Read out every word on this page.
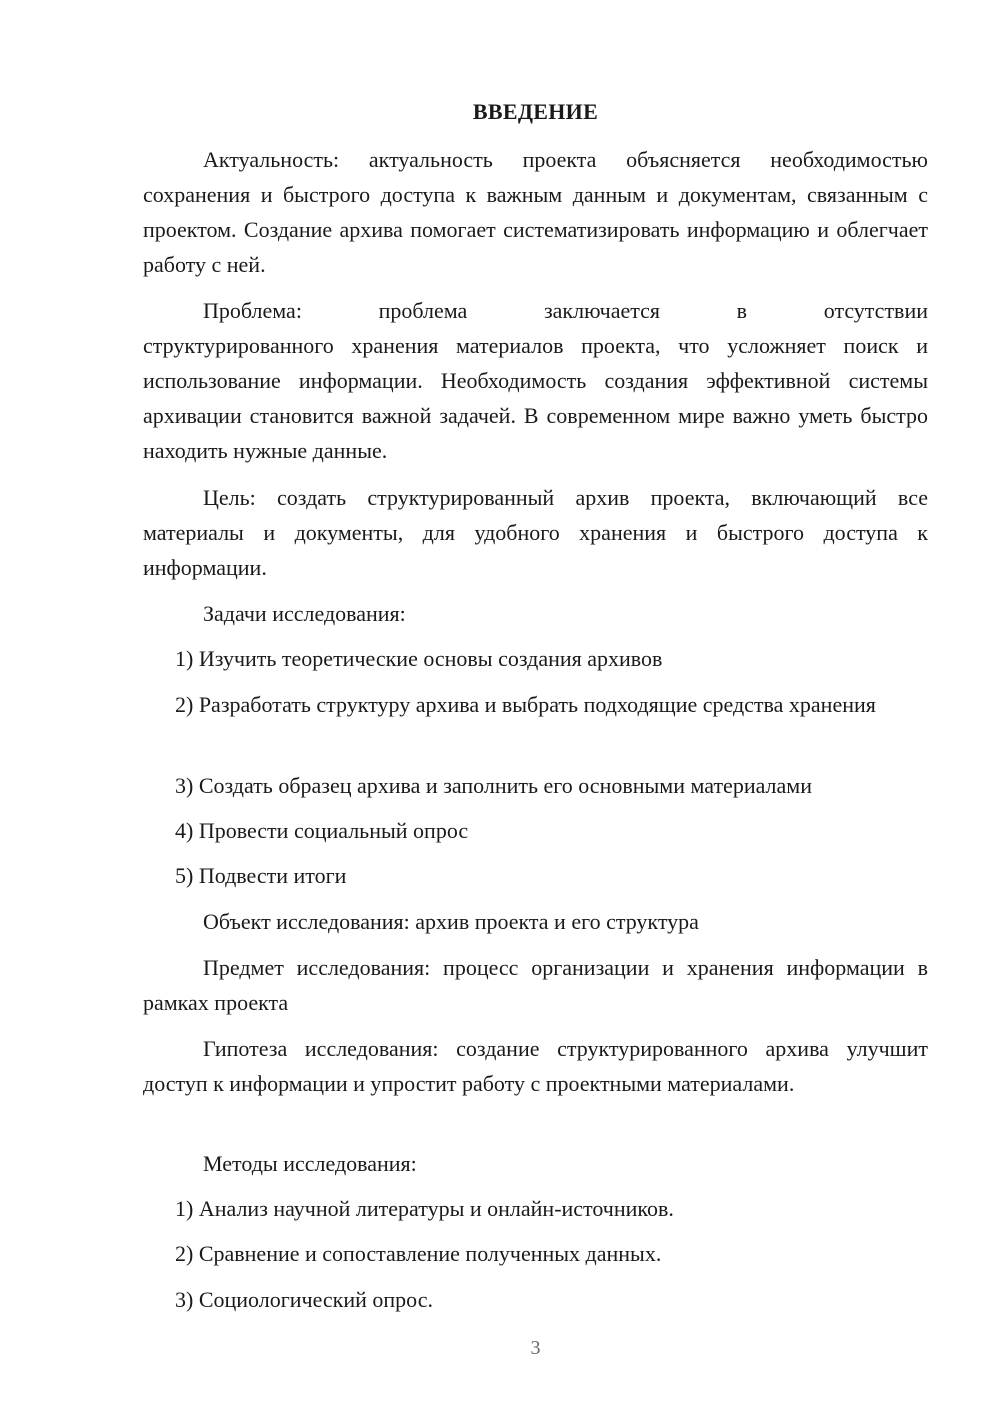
ВВЕДЕНИЕ

Актуальность: актуальность проекта объясняется необходимостью сохранения и быстрого доступа к важным данным и документам, связанным с проектом. Создание архива помогает систематизировать информацию и облегчает работу с ней.

Проблема: проблема заключается в отсутствии

структурированного хранения материалов проекта, что усложняет поиск и использование информации. Необходимость создания эффективной системы архивации становится важной задачей. В современном мире важно уметь быстро находить нужные данные.

Цель: создать структурированный архив проекта, включающий все материалы и документы, для удобного хранения и быстрого доступа к информации.

Задачи исследования:

1) Изучить теоретические основы создания архивов

2) Разработать структуру архива и выбрать подходящие средства хранения

3) Создать образец архива и заполнить его основными материалами

4) Провести социальный опрос

5) Подвести итоги

Объект исследования: архив проекта и его структура

Предмет исследования: процесс организации и хранения информации в рамках проекта

Гипотеза исследования: создание структурированного архива улучшит доступ к информации и упростит работу с проектными материалами.

Методы исследования:

1) Анализ научной литературы и онлайн-источников.

2) Сравнение и сопоставление полученных данных.

3) Социологический опрос.

3
